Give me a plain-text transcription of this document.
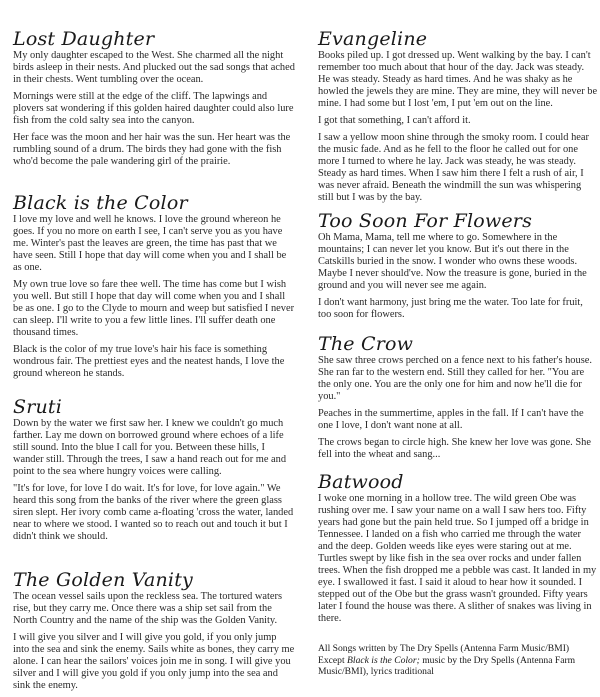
Lost Daughter

My only daughter escaped to the West. She charmed all the night birds asleep in their nests. And plucked out the sad songs that ached in their chests. Went tumbling over the ocean.

Mornings were still at the edge of the cliff. The lapwings and plovers sat wondering if this golden haired daughter could also lure fish from the cold salty sea into the canyon.

Her face was the moon and her hair was the sun. Her heart was the rumbling sound of a drum. The birds they had gone with the fish who'd become the pale wandering girl of the prairie.

Black is the Color

I love my love and well he knows. I love the ground whereon he goes. If you no more on earth I see, I can't serve you as you have me. Winter's past the leaves are green, the time has past that we have seen. Still I hope that day will come when you and I shall be as one.

My own true love so fare thee well. The time has come but I wish you well. But still I hope that day will come when you and I shall be as one. I go to the Clyde to mourn and weep but satisfied I never can sleep. I'll write to you a few little lines. I'll suffer death one thousand times.

Black is the color of my true love's hair his face is something wondrous fair. The prettiest eyes and the neatest hands, I love the ground whereon he stands.

Sruti

Down by the water we first saw her. I knew we couldn't go much farther. Lay me down on borrowed ground where echoes of a life still sound. Into the blue I call for you. Between these hills, I wander still. Through the trees, I saw a hand reach out for me and point to the sea where hungry voices were calling.

"It's for love, for love I do wait. It's for love, for love again." We heard this song from the banks of the river where the green glass siren slept. Her ivory comb came a-floating 'cross the water, landed near to where we stood. I wanted so to reach out and touch it but I didn't think we should.

The Golden Vanity

The ocean vessel sails upon the reckless sea. The tortured waters rise, but they carry me. Once there was a ship set sail from the North Country and the name of the ship was the Golden Vanity.

I will give you silver and I will give you gold, if you only jump into the sea and sink the enemy. Sails white as bones, they carry me alone. I can hear the sailors' voices join me in song. I will give you silver and I will give you gold if you only jump into the sea and sink the enemy.

Evangeline

Books piled up. I got dressed up. Went walking by the bay. I can't remember too much about that hour of the day. Jack was steady. He was steady. Steady as hard times. And he was shaky as he howled the jewels they are mine. They are mine, they will never be mine. I had some but I lost 'em, I put 'em out on the line.

I got that something, I can't afford it.

I saw a yellow moon shine through the smoky room. I could hear the music fade. And as he fell to the floor he called out for one more I turned to where he lay. Jack was steady, he was steady. Steady as hard times. When I saw him there I felt a rush of air, I was never afraid. Beneath the windmill the sun was whispering still but I was by the bay.

Too Soon For Flowers

Oh Mama, Mama, tell me where to go. Somewhere in the mountains; I can never let you know. But it's out there in the Catskills buried in the snow. I wonder who owns these woods. Maybe I never should've. Now the treasure is gone, buried in the ground and you will never see me again.

I don't want harmony, just bring me the water. Too late for fruit, too soon for flowers.

The Crow

She saw three crows perched on a fence next to his father's house. She ran far to the western end. Still they called for her. "You are the only one. You are the only one for him and now he'll die for you."

Peaches in the summertime, apples in the fall. If I can't have the one I love, I don't want none at all.

The crows began to circle high. She knew her love was gone. She fell into the wheat and sang...

Batwood

I woke one morning in a hollow tree. The wild green Obe was rushing over me. I saw your name on a wall I saw hers too. Fifty years had gone but the pain held true. So I jumped off a bridge in Tennessee. I landed on a fish who carried me through the water and the deep. Golden weeds like eyes were staring out at me. Turtles swept by like fish in the sea over rocks and under fallen trees. When the fish dropped me a pebble was cast. It landed in my eye. I swallowed it fast. I said it aloud to hear how it sounded. I stepped out of the Obe but the grass wasn't grounded. Fifty years later I found the house was there. A slither of snakes was living in there.

All Songs written by The Dry Spells (Antenna Farm Music/BMI)
Except Black is the Color; music by the Dry Spells (Antenna Farm Music/BMI), lyrics traditional
